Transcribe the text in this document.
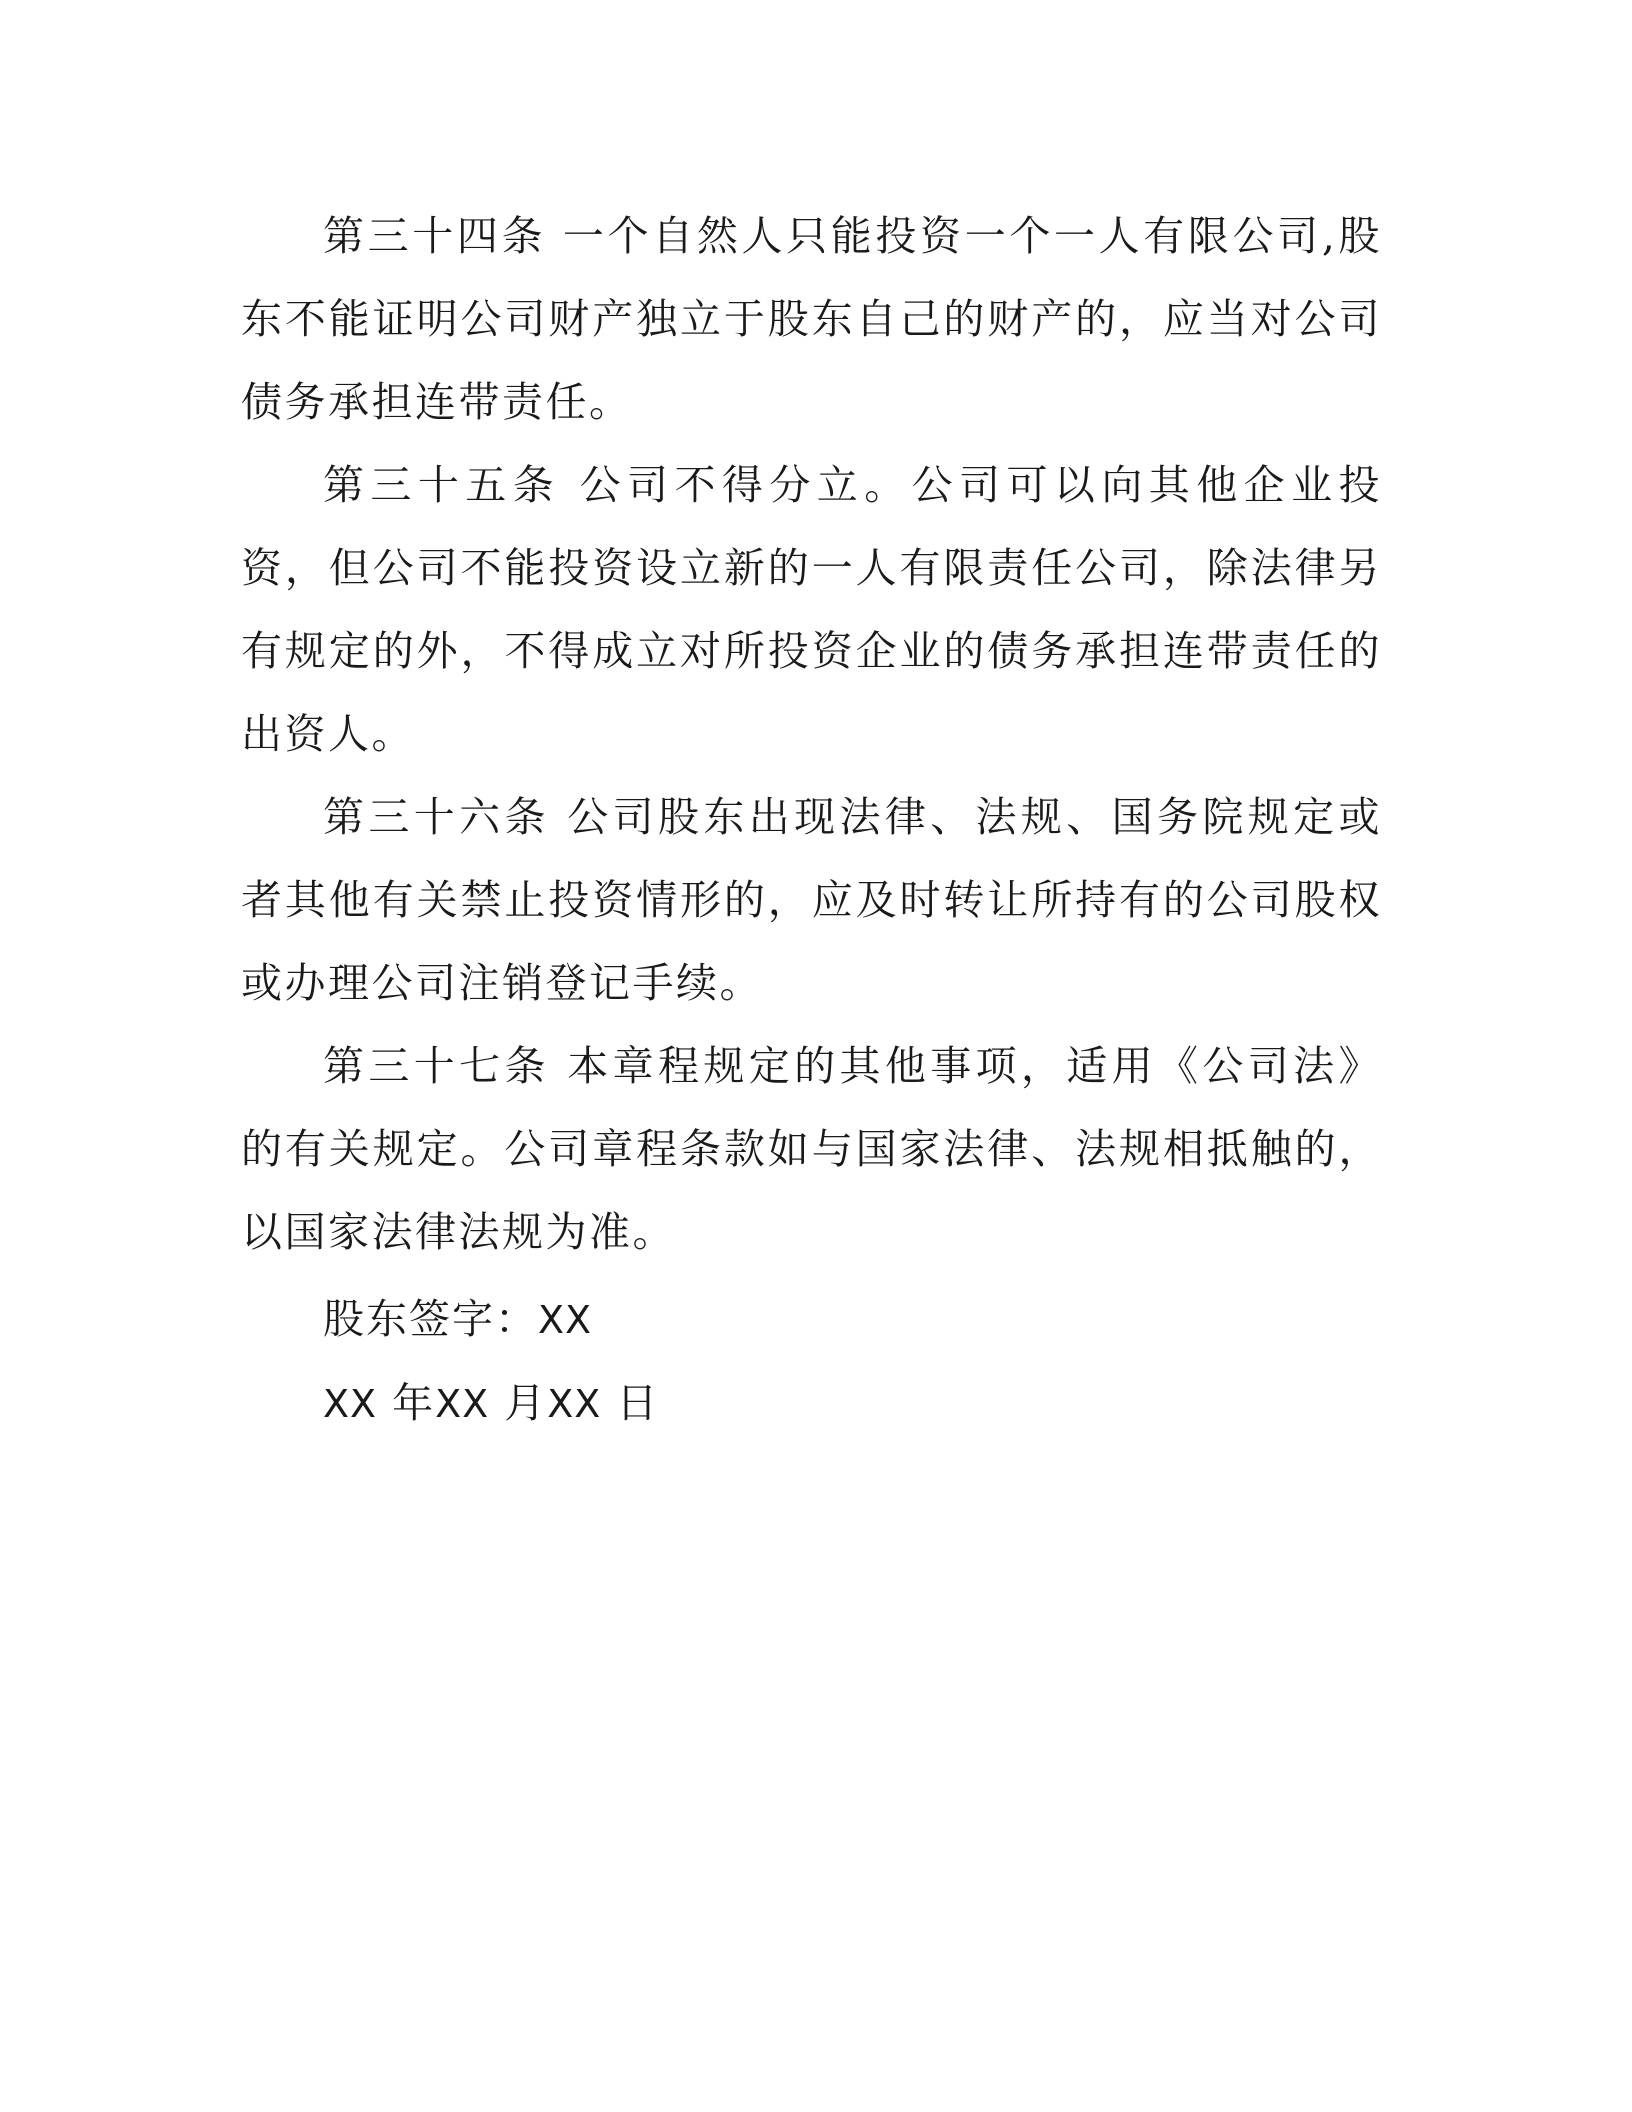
第三十四条 一个自然人只能投资一个一人有限公司,股东不能证明公司财产独立于股东自己的财产的，应当对公司债务承担连带责任。

第三十五条 公司不得分立。公司可以向其他企业投资，但公司不能投资设立新的一人有限责任公司，除法律另有规定的外，不得成立对所投资企业的债务承担连带责任的出资人。

第三十六条 公司股东出现法律、法规、国务院规定或者其他有关禁止投资情形的，应及时转让所持有的公司股权或办理公司注销登记手续。

第三十七条 本章程规定的其他事项，适用《公司法》的有关规定。公司章程条款如与国家法律、法规相抵触的，以国家法律法规为准。

股东签字：XX
XX 年XX 月XX 日
